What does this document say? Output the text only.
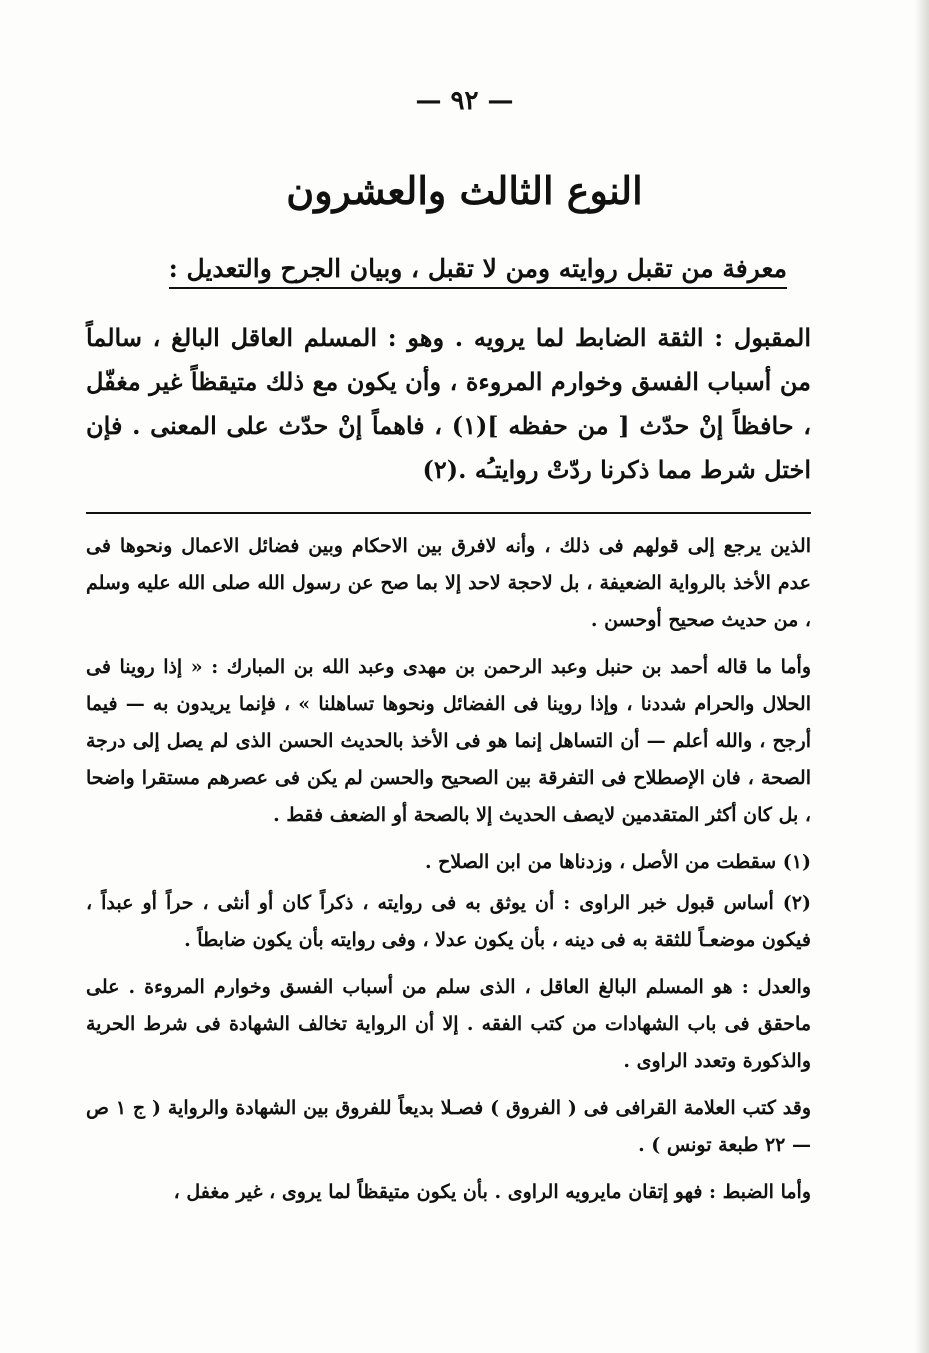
— ٩٢ —
النوع الثالث والعشرون
معرفة من تقبل روايته ومن لا تقبل ، وبيان الجرح والتعديل :

المقبول : الثقة الضابط لما يرويه . وهو : المسلم العاقل البالغ ، سالماً من أسباب الفسق وخوارم المروءة ، وأن يكون مع ذلك متيقظاً غير مغفّل ، حافظاً إنْ حدّث [ من حفظه ](١) ، فاهماً إنْ حدّث على المعنى . فإن اختل شرط مما ذكرنا ردّتْ روايتـُه .(٢)

الذين يرجع إلى قولهم فى ذلك ، وأنه لافرق بين الاحكام وبين فضائل الاعمال ونحوها فى عدم الأخذ بالرواية الضعيفة ، بل لاحجة لاحد إلا بما صح عن رسول الله صلى الله عليه وسلم ، من حديث صحيح أوحسن .

وأما ما قاله أحمد بن حنبل وعبد الرحمن بن مهدى وعبد الله بن المبارك : « إذا روينا فى الحلال والحرام شددنا ، وإذا روينا فى الفضائل ونحوها تساهلنا » ، فإنما يريدون به — فيما أرجح ، والله أعلم — أن التساهل إنما هو فى الأخذ بالحديث الحسن الذى لم يصل إلى درجة الصحة ، فان الإصطلاح فى التفرقة بين الصحيح والحسن لم يكن فى عصرهم مستقرا واضحا ، بل كان أكثر المتقدمين لايصف الحديث إلا بالصحة أو الضعف فقط .

(١) سقطت من الأصل ، وزدناها من ابن الصلاح .

(٢) أساس قبول خبر الراوى : أن يوثق به فى روايته ، ذكراً كان أو أنثى ، حراً أو عبداً ، فيكون موضعـاً للثقة به فى دينه ، بأن يكون عدلا ، وفى روايته بأن يكون ضابطاً .

والعدل : هو المسلم البالغ العاقل ، الذى سلم من أسباب الفسق وخوارم المروءة . على ماحقق فى باب الشهادات من كتب الفقه . إلا أن الرواية تخالف الشهادة فى شرط الحرية والذكورة وتعدد الراوى .

وقد كتب العلامة القرافى فى ( الفروق ) فصـلا بديعاً للفروق بين الشهادة والرواية ( ج ١ ص — ٢٢ طبعة تونس ) .

وأما الضبط : فهو إتقان مايرويه الراوى . بأن يكون متيقظاً لما يروى ، غير مغفل ،
